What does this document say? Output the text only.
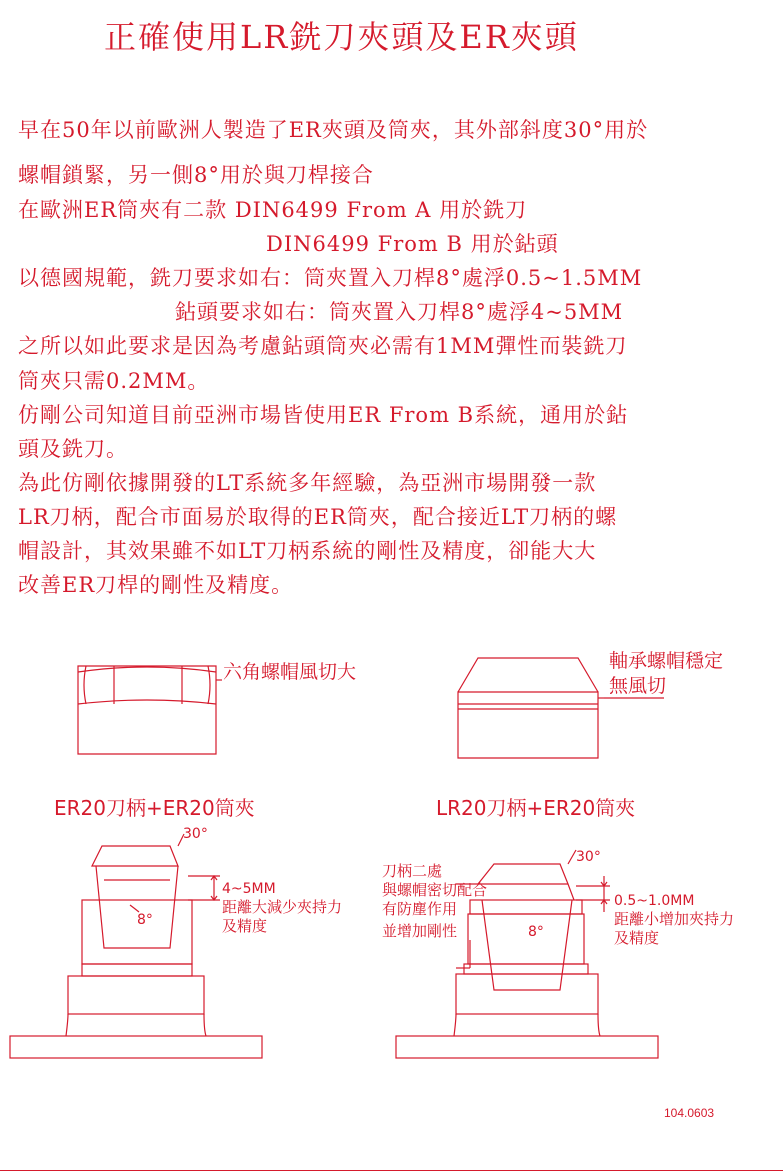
正確使用LR銑刀夾頭及ER夾頭
早在50年以前歐洲人製造了ER夾頭及筒夾，其外部斜度30°用於
螺帽鎖緊，另一側8°用於與刀桿接合
在歐洲ER筒夾有二款 DIN6499 From A 用於銑刀
DIN6499 From B 用於鉆頭
以德國規範，銑刀要求如右：筒夾置入刀桿8°處浮0.5~1.5MM
鉆頭要求如右：筒夾置入刀桿8°處浮4~5MM
之所以如此要求是因為考慮鉆頭筒夾必需有1MM彈性而裝銑刀
筒夾只需0.2MM。
仿剛公司知道目前亞洲市場皆使用ER From B系統，通用於鉆
頭及銑刀。
為此仿剛依據開發的LT系統多年經驗，為亞洲市場開發一款
LR刀柄，配合市面易於取得的ER筒夾，配合接近LT刀柄的螺
帽設計，其效果雖不如LT刀柄系統的剛性及精度，卻能大大
改善ER刀桿的剛性及精度。
六角螺帽風切大	軸承螺帽穩定
無風切
ER20刀柄+ER20筒夾	LR20刀柄+ER20筒夾
30°
8°
4~5MM
距離大減少夾持力
及精度
30°
8°
0.5~1.0MM
距離小增加夾持力
及精度
刀柄二處
與螺帽密切配合
有防塵作用
並增加剛性
104.0603
